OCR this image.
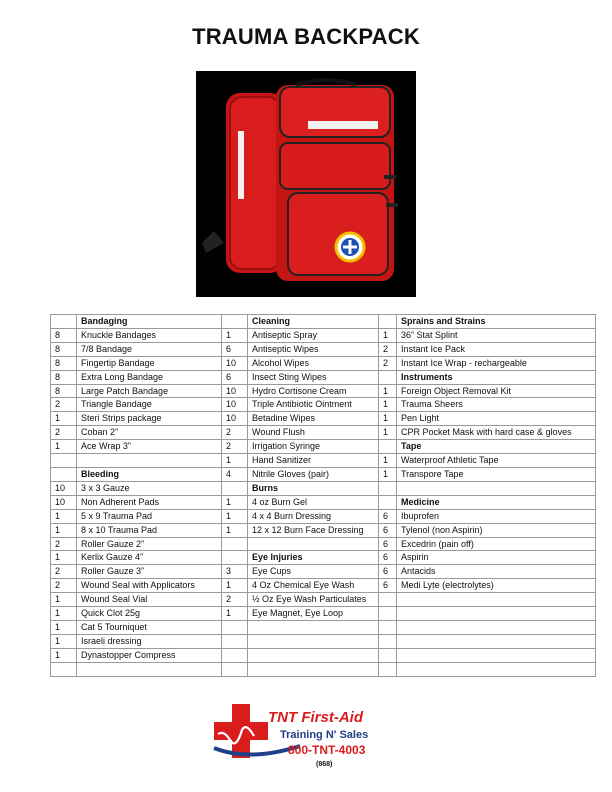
TRAUMA BACKPACK
	Bandaging		Cleaning		Sprains and Strains
8	Knuckle Bandages	1	Antiseptic Spray	1	36” Stat Splint
8	7/8 Bandage	6	Antiseptic Wipes	2	Instant Ice Pack
8	Fingertip Bandage	10	Alcohol Wipes	2	Instant Ice Wrap - rechargeable
8	Extra Long Bandage	6	Insect Sting Wipes		Instruments
8	Large Patch Bandage	10	Hydro Cortisone Cream	1	Foreign Object Removal Kit
2	Triangle Bandage	10	Triple Antibiotic Ointment	1	Trauma Sheers
1	Steri Strips package	10	Betadine Wipes	1	Pen Light
2	Coban 2”	2	Wound Flush	1	CPR Pocket Mask with hard case & gloves
1	Ace Wrap 3”	2	Irrigation Syringe		Tape
		1	Hand Sanitizer	1	Waterproof Athletic Tape
	Bleeding	4	Nitrile Gloves (pair)	1	Transpore Tape
10	3 x 3 Gauze		Burns		
10	Non Adherent Pads	1	4 oz Burn Gel		Medicine
1	5 x 9 Trauma Pad	1	4 x 4 Burn Dressing	6	Ibuprofen
1	8 x 10 Trauma Pad	1	12 x 12 Burn Face Dressing	6	Tylenol (non Aspirin)
2	Roller Gauze 2”			6	Excedrin (pain off)
1	Kerlix Gauze 4”		Eye Injuries	6	Aspirin
2	Roller Gauze 3”	3	Eye Cups	6	Antacids
2	Wound Seal with Applicators	1	4 Oz Chemical Eye Wash	6	Medi Lyte (electrolytes)
1	Wound Seal Vial	2	½ Oz Eye Wash Particulates		
1	Quick Clot 25g	1	Eye Magnet, Eye Loop		
1	Cat 5 Tourniquet				
1	Israeli dressing				
1	Dynastopper Compress				

TNT First-Aid
Training N' Sales
800-TNT-4003
(868)
